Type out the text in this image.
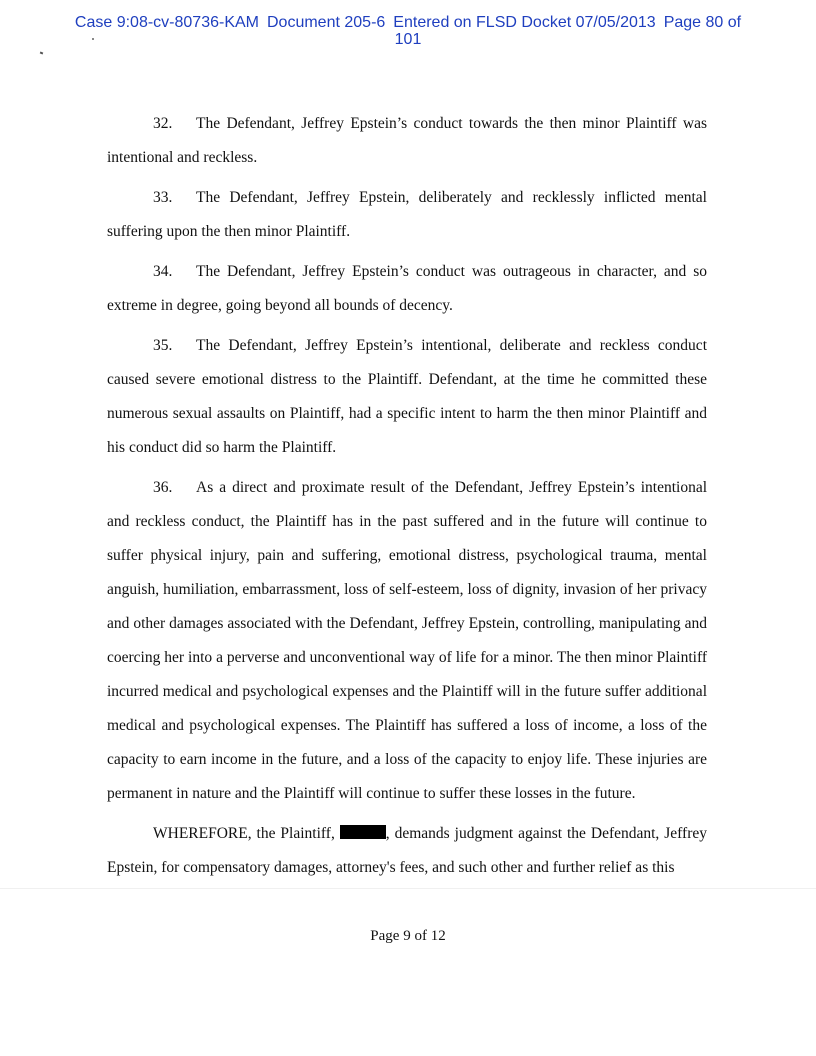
Case 9:08-cv-80736-KAM Document 205-6 Entered on FLSD Docket 07/05/2013 Page 80 of
101

32. The Defendant, Jeffrey Epstein’s conduct towards the then minor Plaintiff was intentional and reckless.

33. The Defendant, Jeffrey Epstein, deliberately and recklessly inflicted mental suffering upon the then minor Plaintiff.

34. The Defendant, Jeffrey Epstein’s conduct was outrageous in character, and so extreme in degree, going beyond all bounds of decency.

35. The Defendant, Jeffrey Epstein’s intentional, deliberate and reckless conduct caused severe emotional distress to the Plaintiff. Defendant, at the time he committed these numerous sexual assaults on Plaintiff, had a specific intent to harm the then minor Plaintiff and his conduct did so harm the Plaintiff.

36. As a direct and proximate result of the Defendant, Jeffrey Epstein’s intentional and reckless conduct, the Plaintiff has in the past suffered and in the future will continue to suffer physical injury, pain and suffering, emotional distress, psychological trauma, mental anguish, humiliation, embarrassment, loss of self-esteem, loss of dignity, invasion of her privacy and other damages associated with the Defendant, Jeffrey Epstein, controlling, manipulating and coercing her into a perverse and unconventional way of life for a minor. The then minor Plaintiff incurred medical and psychological expenses and the Plaintiff will in the future suffer additional medical and psychological expenses. The Plaintiff has suffered a loss of income, a loss of the capacity to earn income in the future, and a loss of the capacity to enjoy life. These injuries are permanent in nature and the Plaintiff will continue to suffer these losses in the future.

WHEREFORE, the Plaintiff,	, demands judgment against the Defendant, Jeffrey Epstein, for compensatory damages, attorney's fees, and such other and further relief as this

Page 9 of 12
